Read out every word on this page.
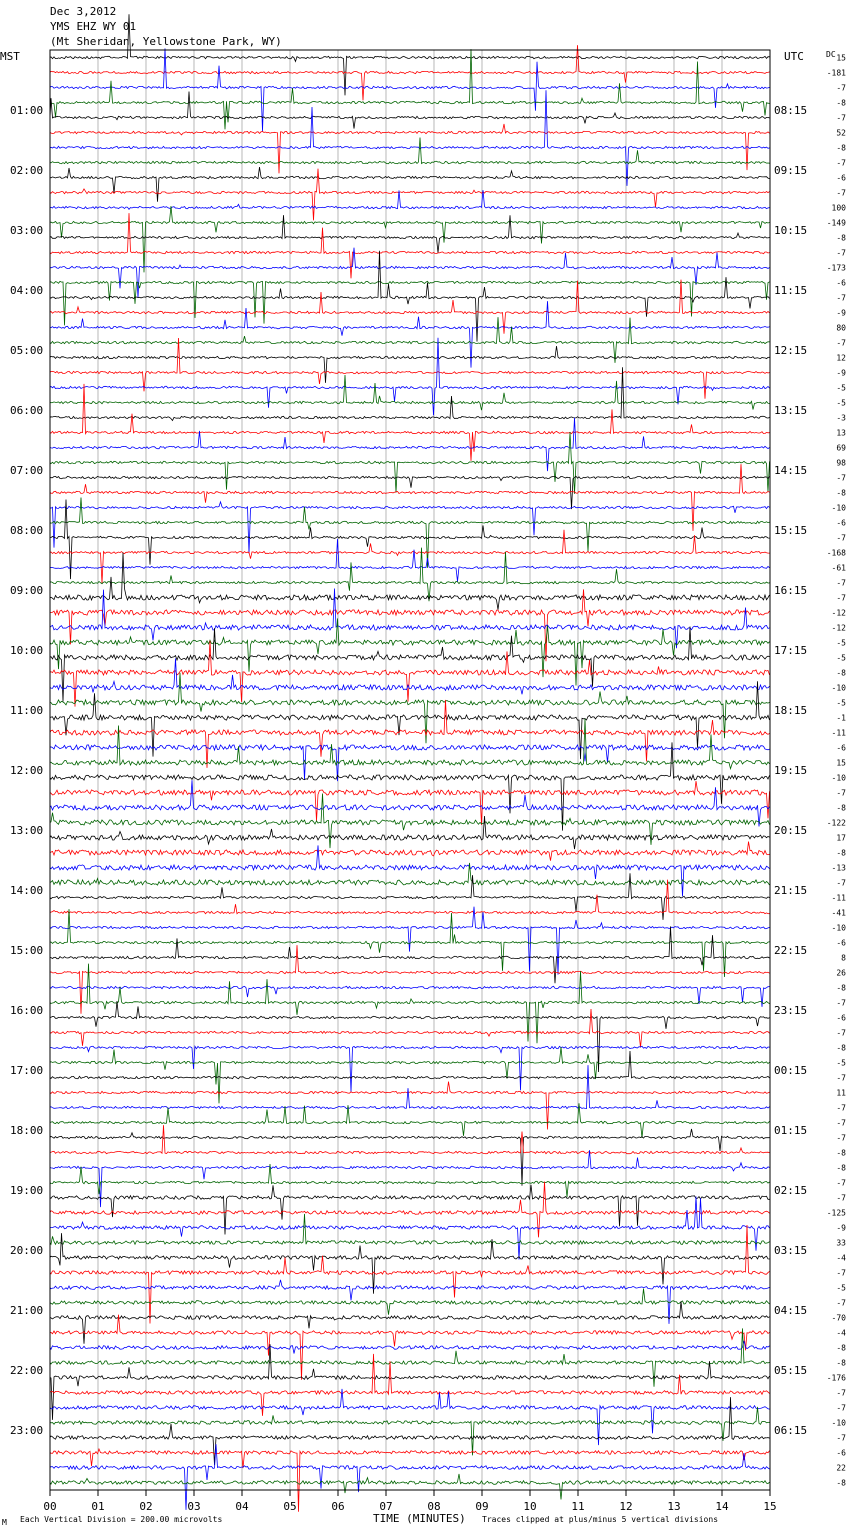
Dec 3,2012
YMS EHZ WY 01
(Mt Sheridan, Yellowstone Park, WY)
MST	UTC	DC
01:00
02:00
03:00
04:00
05:00
06:00
07:00
08:00
09:00
10:00
11:00
12:00
13:00
14:00
15:00
16:00
17:00
18:00
19:00
20:00
21:00
22:00
23:00
08:15
09:15
10:15
11:15
12:15
13:15
14:15
15:15
16:15
17:15
18:15
19:15
20:15
21:15
22:15
23:15
00:15
01:15
02:15
03:15
04:15
05:15
06:15
15
-181
-7
-8
-7
52
-8
-7
-6
-7
100
-149
-8
-7
-173
-6
-7
-9
80
-7
12
-9
-5
-5
-3
13
69
98
-7
-8
-10
-6
-7
-168
-61
-7
-7
-12
-12
-5
-5
-8
-10
-5
-1
-11
-6
15
-10
-7
-8
-122
17
-8
-13
-7
-11
-41
-10
-6
8
26
-8
-7
-6
-7
-8
-5
-7
11
-7
-7
-7
-8
-8
-7
-7
-125
-9
33
-4
-7
-5
-7
-70
-4
-8
-8
-176
-7
-7
-10
-7
-6
22
-8
00	01	02	03	04	05	06	07	08	09	10	11	12	13	14	15
TIME (MINUTES)
M Each Vertical Division = 200.00 microvolts	Traces clipped at plus/minus 5 vertical divisions
